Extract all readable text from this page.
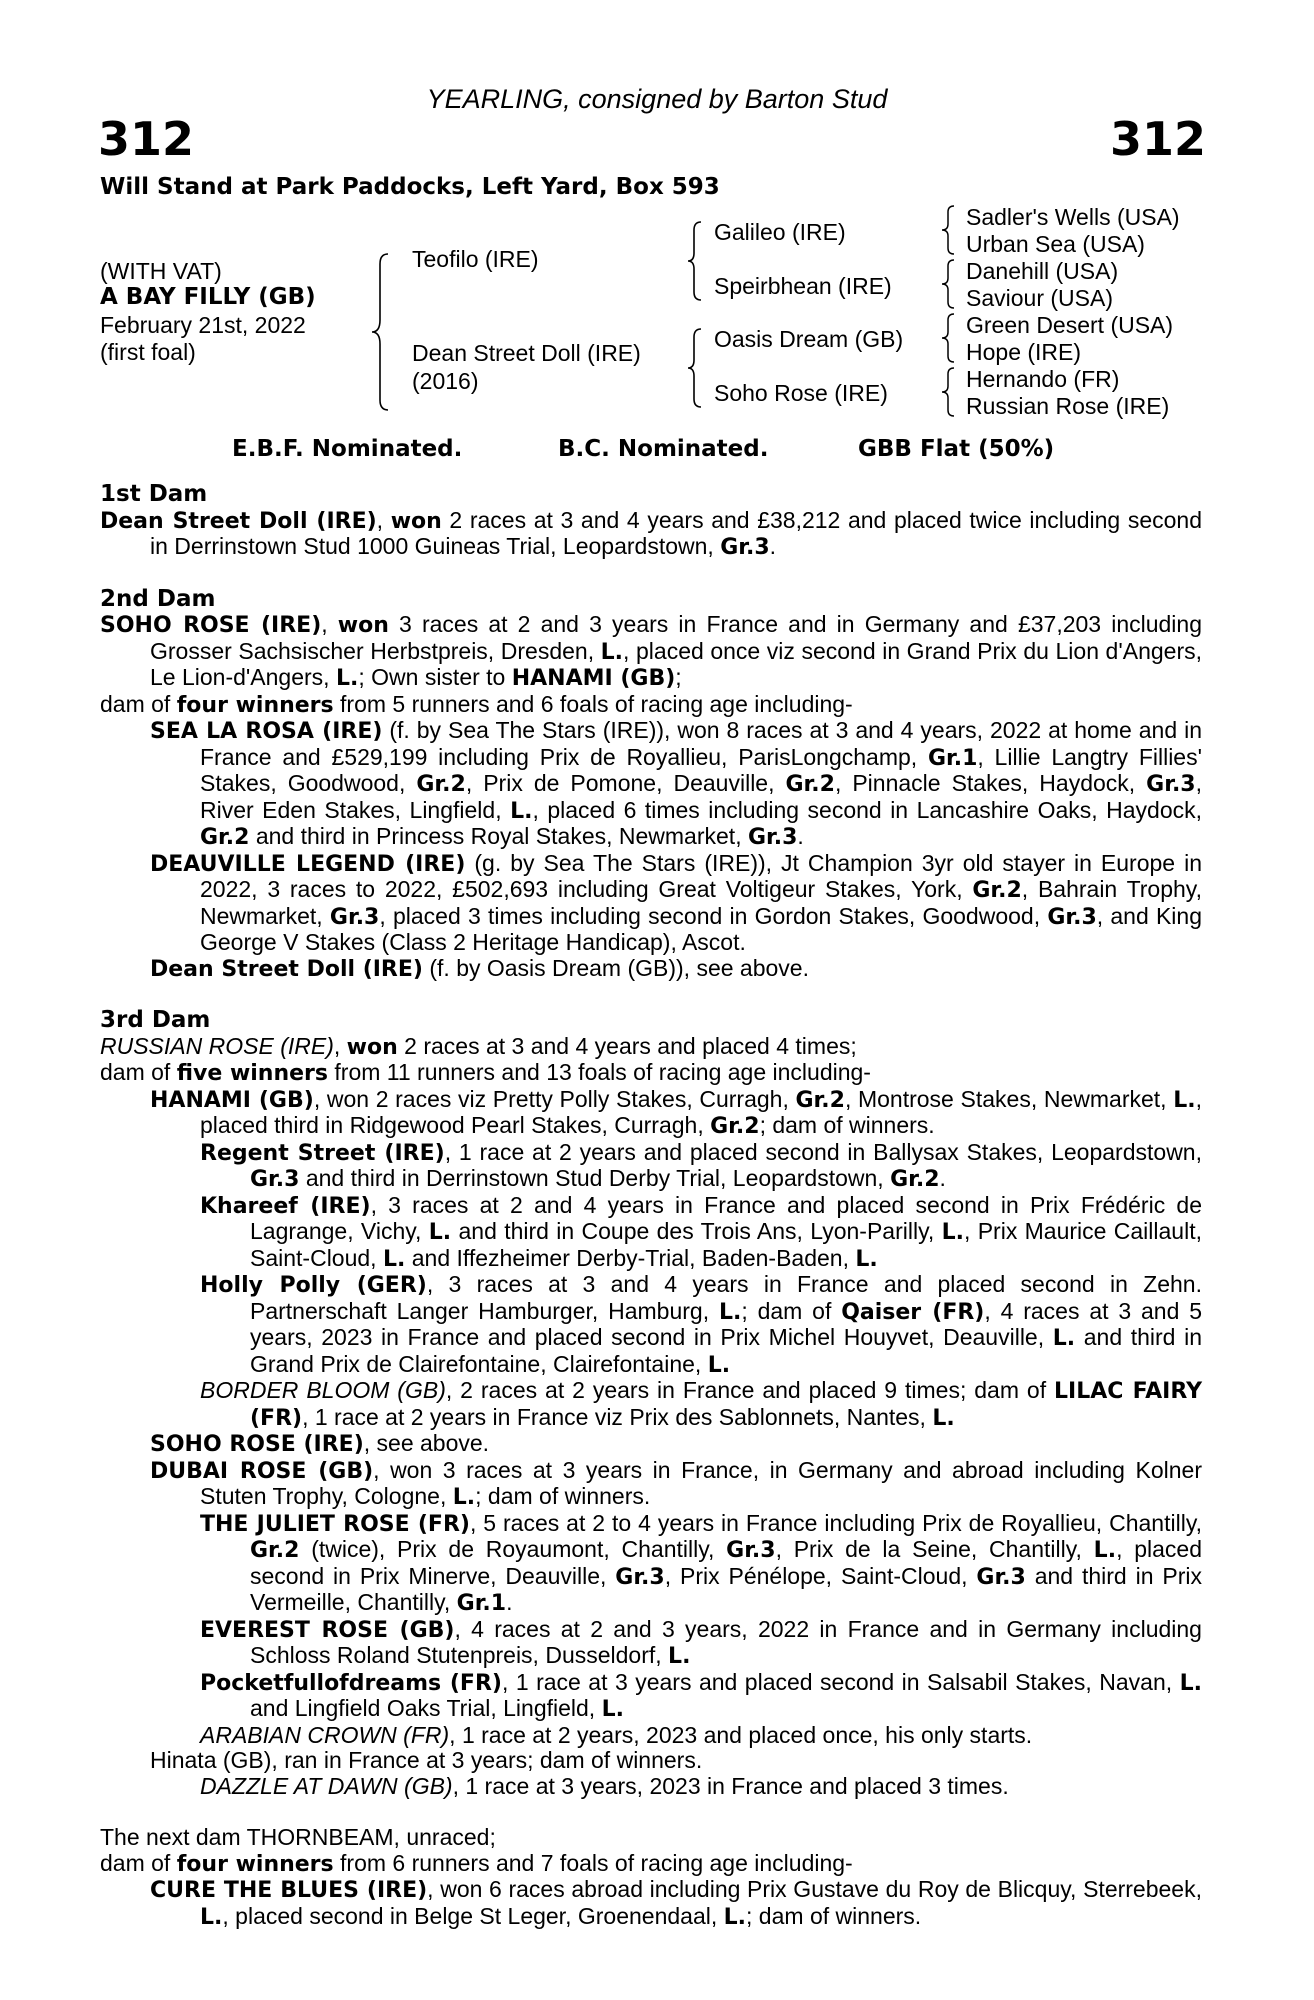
YEARLING, consigned by Barton Stud
312	312
Will Stand at Park Paddocks, Left Yard, Box 593
(WITH VAT)
A BAY FILLY (GB)
February 21st, 2022
(first foal)
Teofilo (IRE)
Dean Street Doll (IRE)
(2016)
Galileo (IRE)
Speirbhean (IRE)
Oasis Dream (GB)
Soho Rose (IRE)
Sadler's Wells (USA)
Urban Sea (USA)
Danehill (USA)
Saviour (USA)
Green Desert (USA)
Hope (IRE)
Hernando (FR)
Russian Rose (IRE)
E.B.F. Nominated.	B.C. Nominated.	GBB Flat (50%)
1st Dam
Dean Street Doll (IRE), won 2 races at 3 and 4 years and £38,212 and placed twice including second in Derrinstown Stud 1000 Guineas Trial, Leopardstown, Gr.3.
2nd Dam
SOHO ROSE (IRE), won 3 races at 2 and 3 years in France and in Germany and £37,203 including Grosser Sachsischer Herbstpreis, Dresden, L., placed once viz second in Grand Prix du Lion d'Angers, Le Lion-d'Angers, L.; Own sister to HANAMI (GB);
dam of four winners from 5 runners and 6 foals of racing age including-
SEA LA ROSA (IRE) (f. by Sea The Stars (IRE)), won 8 races at 3 and 4 years, 2022 at home and in France and £529,199 including Prix de Royallieu, ParisLongchamp, Gr.1, Lillie Langtry Fillies' Stakes, Goodwood, Gr.2, Prix de Pomone, Deauville, Gr.2, Pinnacle Stakes, Haydock, Gr.3, River Eden Stakes, Lingfield, L., placed 6 times including second in Lancashire Oaks, Haydock, Gr.2 and third in Princess Royal Stakes, Newmarket, Gr.3.
DEAUVILLE LEGEND (IRE) (g. by Sea The Stars (IRE)), Jt Champion 3yr old stayer in Europe in 2022, 3 races to 2022, £502,693 including Great Voltigeur Stakes, York, Gr.2, Bahrain Trophy, Newmarket, Gr.3, placed 3 times including second in Gordon Stakes, Goodwood, Gr.3, and King George V Stakes (Class 2 Heritage Handicap), Ascot.
Dean Street Doll (IRE) (f. by Oasis Dream (GB)), see above.
3rd Dam
RUSSIAN ROSE (IRE), won 2 races at 3 and 4 years and placed 4 times;
dam of five winners from 11 runners and 13 foals of racing age including-
HANAMI (GB), won 2 races viz Pretty Polly Stakes, Curragh, Gr.2, Montrose Stakes, Newmarket, L., placed third in Ridgewood Pearl Stakes, Curragh, Gr.2; dam of winners.
Regent Street (IRE), 1 race at 2 years and placed second in Ballysax Stakes, Leopardstown, Gr.3 and third in Derrinstown Stud Derby Trial, Leopardstown, Gr.2.
Khareef (IRE), 3 races at 2 and 4 years in France and placed second in Prix Frédéric de Lagrange, Vichy, L. and third in Coupe des Trois Ans, Lyon-Parilly, L., Prix Maurice Caillault, Saint-Cloud, L. and Iffezheimer Derby-Trial, Baden-Baden, L.
Holly Polly (GER), 3 races at 3 and 4 years in France and placed second in Zehn. Partnerschaft Langer Hamburger, Hamburg, L.; dam of Qaiser (FR), 4 races at 3 and 5 years, 2023 in France and placed second in Prix Michel Houyvet, Deauville, L. and third in Grand Prix de Clairefontaine, Clairefontaine, L.
BORDER BLOOM (GB), 2 races at 2 years in France and placed 9 times; dam of LILAC FAIRY (FR), 1 race at 2 years in France viz Prix des Sablonnets, Nantes, L.
SOHO ROSE (IRE), see above.
DUBAI ROSE (GB), won 3 races at 3 years in France, in Germany and abroad including Kolner Stuten Trophy, Cologne, L.; dam of winners.
THE JULIET ROSE (FR), 5 races at 2 to 4 years in France including Prix de Royallieu, Chantilly, Gr.2 (twice), Prix de Royaumont, Chantilly, Gr.3, Prix de la Seine, Chantilly, L., placed second in Prix Minerve, Deauville, Gr.3, Prix Pénélope, Saint-Cloud, Gr.3 and third in Prix Vermeille, Chantilly, Gr.1.
EVEREST ROSE (GB), 4 races at 2 and 3 years, 2022 in France and in Germany including Schloss Roland Stutenpreis, Dusseldorf, L.
Pocketfullofdreams (FR), 1 race at 3 years and placed second in Salsabil Stakes, Navan, L. and Lingfield Oaks Trial, Lingfield, L.
ARABIAN CROWN (FR), 1 race at 2 years, 2023 and placed once, his only starts.
Hinata (GB), ran in France at 3 years; dam of winners.
DAZZLE AT DAWN (GB), 1 race at 3 years, 2023 in France and placed 3 times.
The next dam THORNBEAM, unraced;
dam of four winners from 6 runners and 7 foals of racing age including-
CURE THE BLUES (IRE), won 6 races abroad including Prix Gustave du Roy de Blicquy, Sterrebeek, L., placed second in Belge St Leger, Groenendaal, L.; dam of winners.
